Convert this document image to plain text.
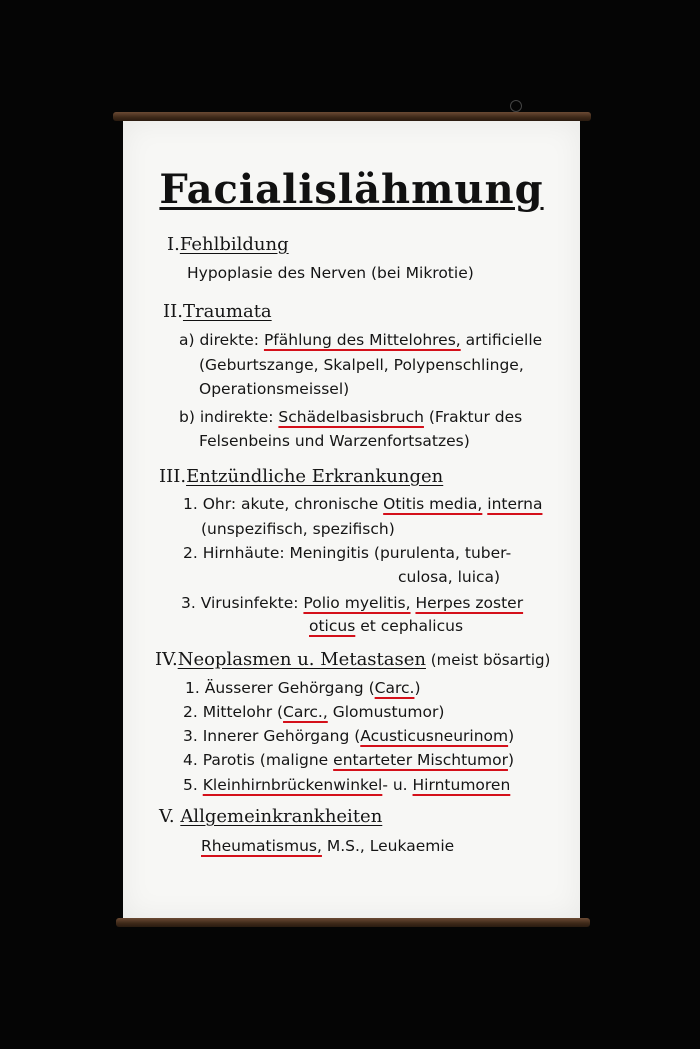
Facialislähmung
I.Fehlbildung
Hypoplasie des Nerven (bei Mikrotie)
II.Traumata
a) direkte: Pfählung des Mittelohres, artificielle
(Geburtszange, Skalpell, Polypenschlinge,
Operationsmeissel)
b) indirekte: Schädelbasisbruch (Fraktur des
Felsenbeins und Warzenfortsatzes)
III.Entzündliche Erkrankungen
1. Ohr: akute, chronische Otitis media, interna
(unspezifisch, spezifisch)
2. Hirnhäute: Meningitis (purulenta, tuber-
culosa, luica)
3. Virusinfekte: Polio myelitis, Herpes zoster
oticus et cephalicus
IV.Neoplasmen u. Metastasen (meist bösartig)
1. Äusserer Gehörgang (Carc.)
2. Mittelohr (Carc., Glomustumor)
3. Innerer Gehörgang (Acusticusneurinom)
4. Parotis (maligne entarteter Mischtumor)
5. Kleinhirnbrückenwinkel- u. Hirntumoren
V. Allgemeinkrankheiten
Rheumatismus, M.S., Leukaemie
